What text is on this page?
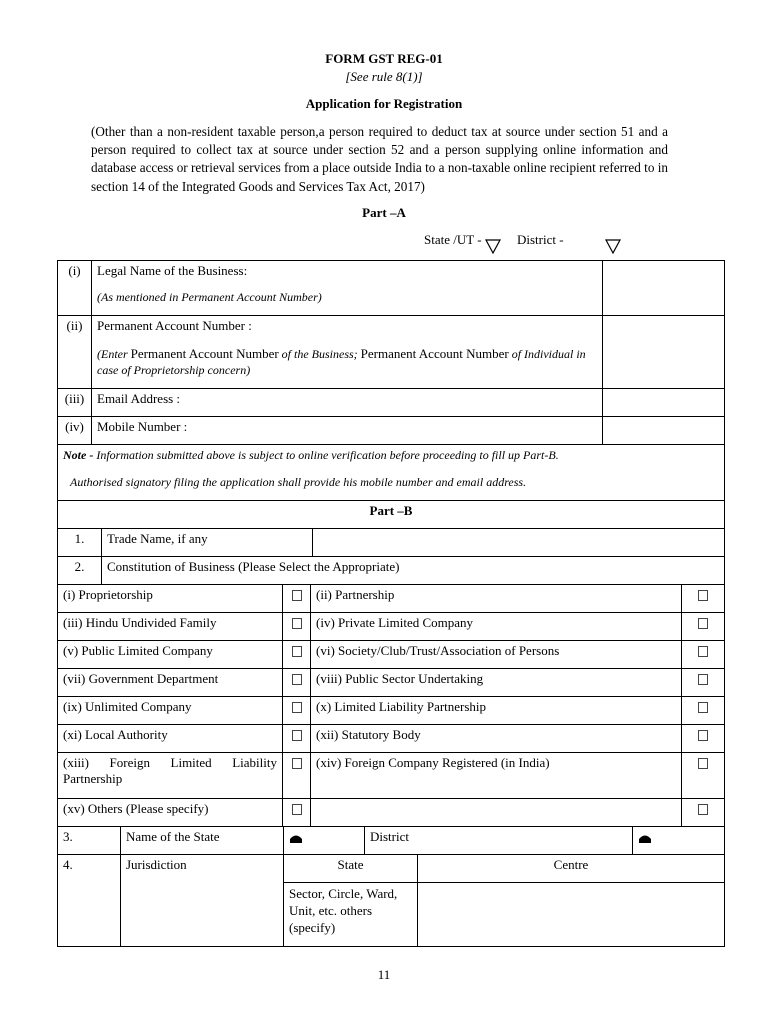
FORM GST REG-01
[See rule 8(1)]
Application for Registration
(Other than a non-resident taxable person,a person required to deduct tax at source under section 51 and a person required to collect tax at source under section 52 and a person supplying online information and database access or retrieval services from a place outside India to a non-taxable online recipient referred to in section 14 of the Integrated Goods and Services Tax Act, 2017)
Part –A
State /UT -	District -
(i)	Legal Name of the Business:
(As mentioned in Permanent Account Number)	

(ii)	Permanent Account Number :
(Enter Permanent Account Number of the Business; Permanent Account Number of Individual in case of Proprietorship concern)	

(iii)	Email Address :	
(iv)	Mobile Number :	

Note - Information submitted above is subject to online verification before proceeding to fill up Part-B.
Authorised signatory filing the application shall provide his mobile number and email address.		
Part –B		
1.	Trade Name, if any	
2.	Constitution of Business (Please Select the Appropriate)	
(i) Proprietorship		(ii) Partnership	
(iii) Hindu Undivided Family		(iv) Private Limited Company	
(v) Public Limited Company		(vi) Society/Club/Trust/Association of Persons	
(vii) Government Department		(viii) Public Sector Undertaking	
(ix) Unlimited Company		(x) Limited Liability Partnership	
(xi) Local Authority		(xii) Statutory Body	
(xiii) Foreign Limited Liability Partnership		(xiv) Foreign Company Registered (in India)	
(xv) Others (Please specify)			
3.	Name of the State		District	
4.	Jurisdiction	State	Centre
		Sector, Circle, Ward, Unit, etc. others (specify)	
11
